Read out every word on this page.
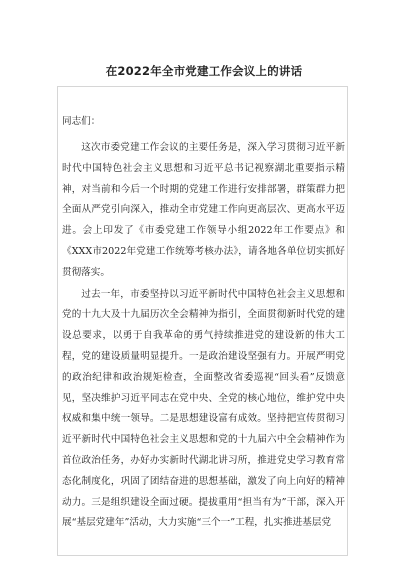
在2022年全市党建工作会议上的讲话
同志们：

这次市委党建工作会议的主要任务是，深入学习贯彻习近平新时代中国特色社会主义思想和习近平总书记视察湖北重要指示精神，对当前和今后一个时期的党建工作进行安排部署，群策群力把全面从严党引向深入，推动全市党建工作向更高层次、更高水平迈进。会上印发了《市委党建工作领导小组2022年工作要点》和《XXX市2022年党建工作统筹考核办法》，请各地各单位切实抓好贯彻落实。

过去一年，市委坚持以习近平新时代中国特色社会主义思想和党的十九大及十九届历次全会精神为指引，全面贯彻新时代党的建设总要求，以勇于自我革命的勇气持续推进党的建设新的伟大工程，党的建设质量明显提升。一是政治建设坚强有力。开展严明党的政治纪律和政治规矩检查，全面整改省委巡视“回头看”反馈意见，坚决维护习近平同志在党中央、全党的核心地位，维护党中央权威和集中统一领导。二是思想建设富有成效。坚持把宣传贯彻习近平新时代中国特色社会主义思想和党的十九届六中全会精神作为首位政治任务，办好办实新时代湖北讲习所，推进党史学习教育常态化制度化，巩固了团结奋进的思想基础，激发了向上向好的精神动力。三是组织建设全面过硬。提拔重用“担当有为”干部，深入开展“基层党建年”活动，大力实施“三个一”工程，扎实推进基层党
